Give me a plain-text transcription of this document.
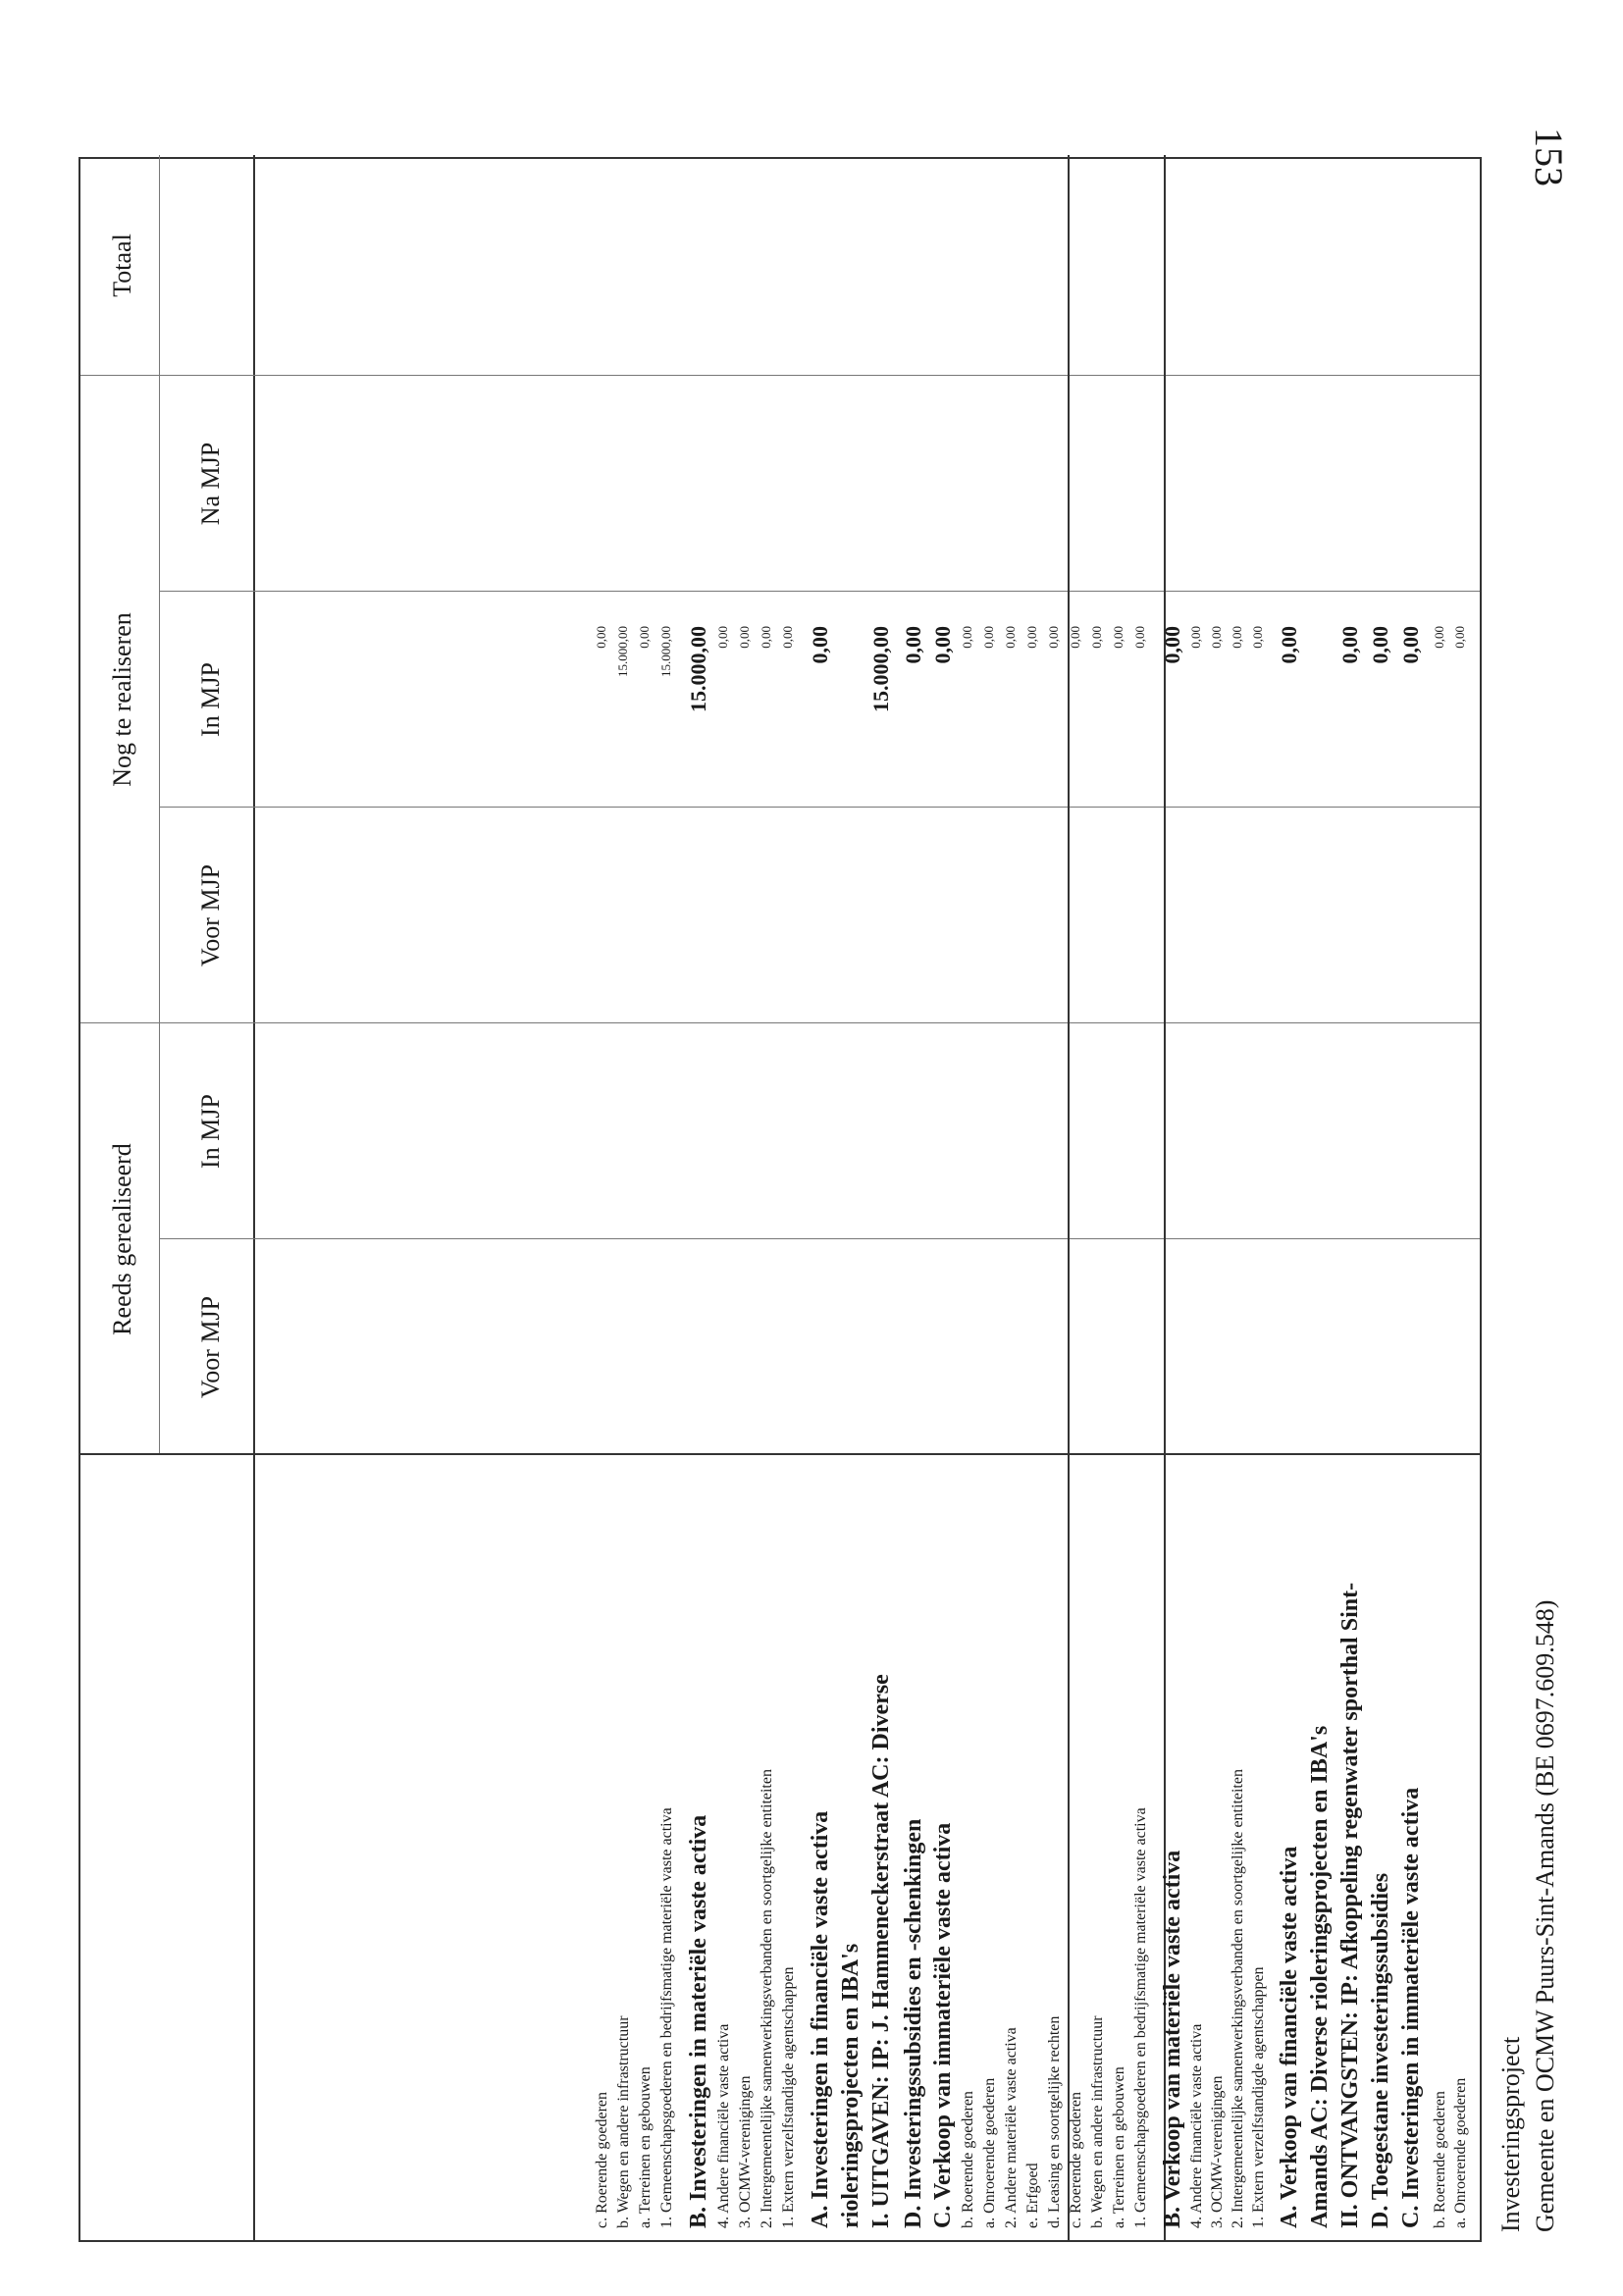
Reeds gerealiseerd
Nog te realiseren
Voor MJP
In MJP
Voor MJP
In MJP
Na MJP
Totaal
a. Onroerende goederen
0,00
b. Roerende goederen
0,00
C. Investeringen in immateriële vaste activa
0,00
D. Toegestane investeringssubsidies
0,00
II. ONTVANGSTEN: IP: Afkoppeling regenwater sporthal Sint-
0,00
Amands AC: Diverse rioleringsprojecten en IBA's
A. Verkoop van financiële vaste activa
0,00
1. Extern verzelfstandigde agentschappen
0,00
2. Intergemeentelijke samenwerkingsverbanden en soortgelijke entiteiten
0,00
3. OCMW-verenigingen
0,00
4. Andere financiële vaste activa
0,00
B. Verkoop van materiële vaste activa
0,00
1. Gemeenschapsgoederen en bedrijfsmatige materiële vaste activa
0,00
a. Terreinen en gebouwen
0,00
b. Wegen en andere infrastructuur
0,00
c. Roerende goederen
0,00
d. Leasing en soortgelijke rechten
0,00
e. Erfgoed
0,00
2. Andere materiële vaste activa
0,00
a. Onroerende goederen
0,00
b. Roerende goederen
0,00
C. Verkoop van immateriële vaste activa
0,00
D. Investeringssubsidies en -schenkingen
0,00
I. UITGAVEN: IP: J. Hammeneckerstraat AC: Diverse
15.000,00
rioleringsprojecten en IBA's
A. Investeringen in financiële vaste activa
0,00
1. Extern verzelfstandigde agentschappen
0,00
2. Intergemeentelijke samenwerkingsverbanden en soortgelijke entiteiten
0,00
3. OCMW-verenigingen
0,00
4. Andere financiële vaste activa
0,00
B. Investeringen in materiële vaste activa
15.000,00
1. Gemeenschapsgoederen en bedrijfsmatige materiële vaste activa
15.000,00
a. Terreinen en gebouwen
0,00
b. Wegen en andere infrastructuur
15.000,00
c. Roerende goederen
0,00
Investeringsproject Gemeente en OCMW Puurs-Sint-Amands (BE 0697.609.548)
153
